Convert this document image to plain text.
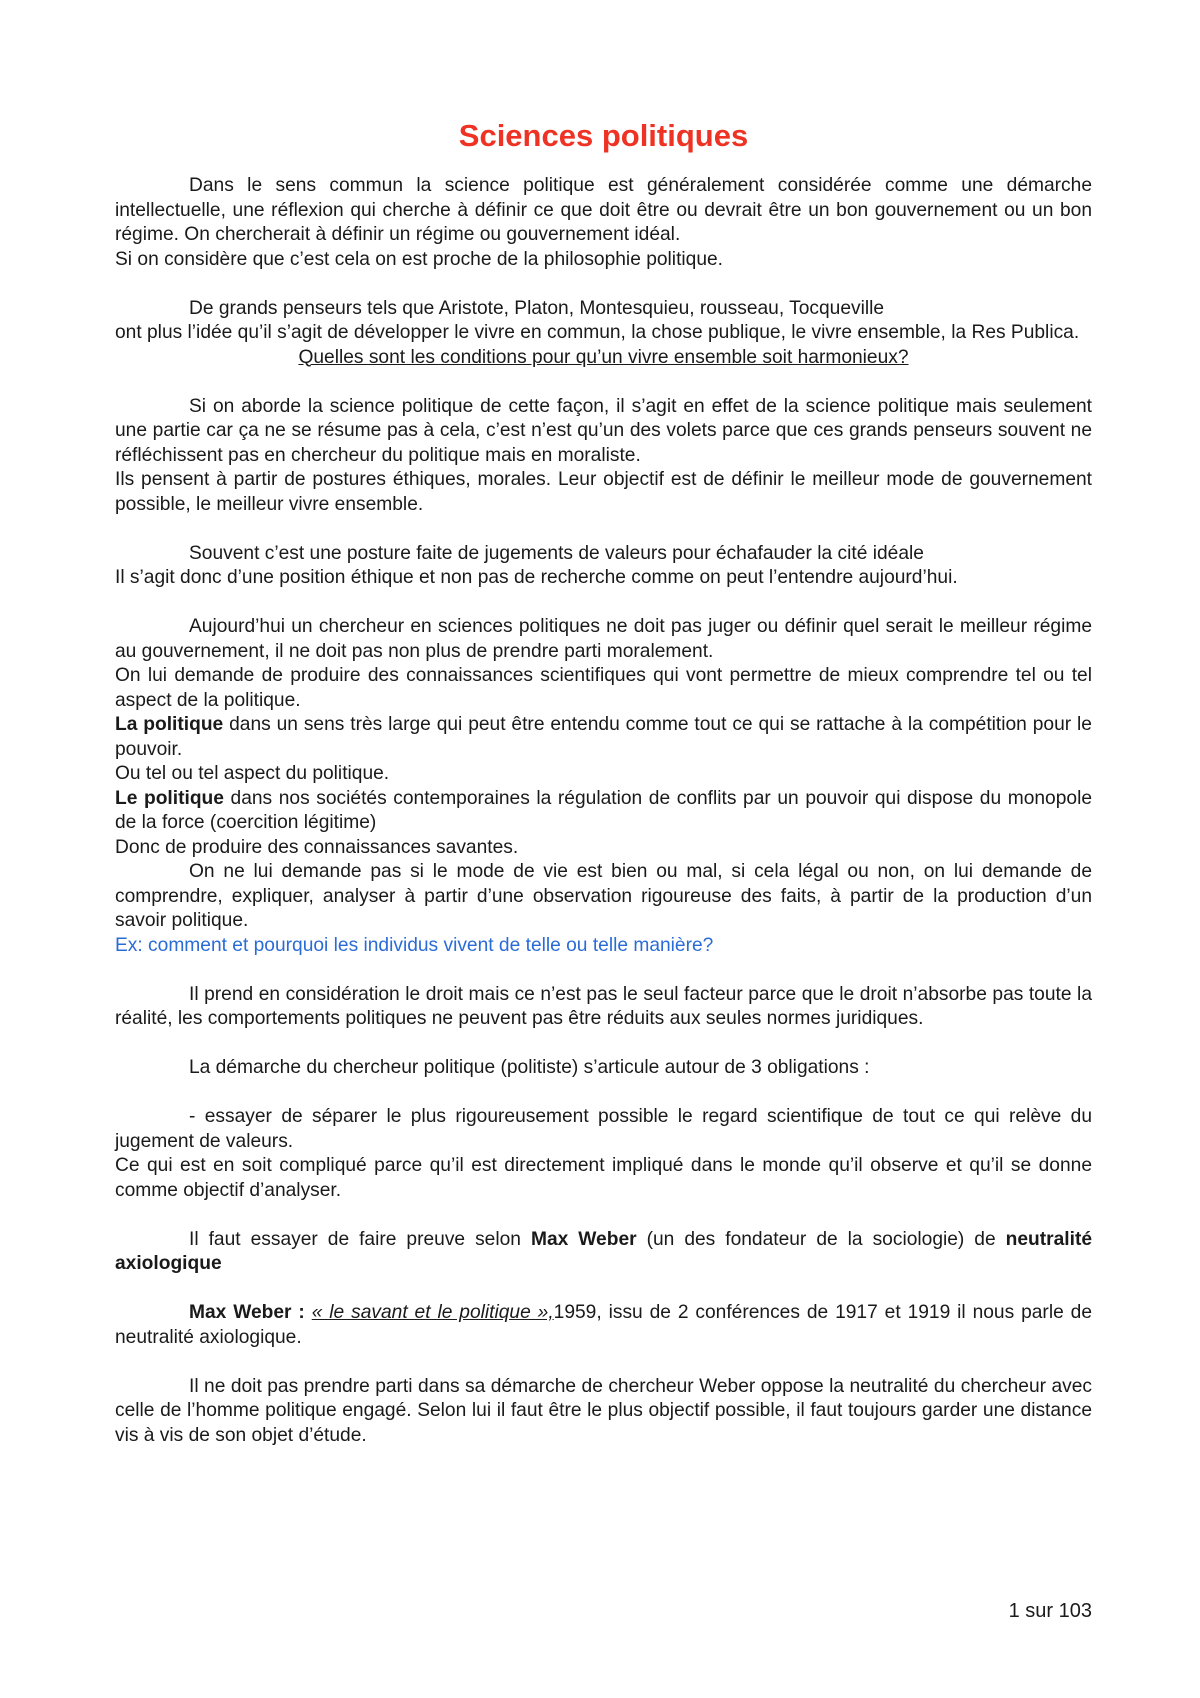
Sciences politiques

Dans le sens commun la science politique est généralement considérée comme une démarche intellectuelle, une réflexion qui cherche à définir ce que doit être ou devrait être un bon gouvernement ou un bon régime. On chercherait à définir un régime ou gouvernement idéal.

Si on considère que c’est cela on est proche de la philosophie politique.

De grands penseurs tels que Aristote, Platon, Montesquieu, rousseau, Tocqueville

ont plus l’idée qu’il s’agit de développer le vivre en commun, la chose publique, le vivre ensemble, la Res Publica.

Quelles sont les conditions pour qu’un vivre ensemble soit harmonieux?

Si on aborde la science politique de cette façon, il s’agit en effet de la science politique mais seulement une partie car ça ne se résume pas à cela, c’est n’est qu’un des volets parce que ces grands penseurs souvent ne réfléchissent pas en chercheur du politique mais en moraliste.

Ils pensent à partir de postures éthiques, morales. Leur objectif est de définir le meilleur mode de gouvernement possible, le meilleur vivre ensemble.

Souvent c’est une posture faite de jugements de valeurs pour échafauder la cité idéale

Il s’agit donc d’une position éthique et non pas de recherche comme on peut l’entendre aujourd’hui.

Aujourd’hui un chercheur en sciences politiques ne doit pas juger ou définir quel serait le meilleur régime au gouvernement, il ne doit pas non plus de prendre parti moralement.

On lui demande de produire des connaissances scientifiques qui vont permettre de mieux comprendre tel ou tel aspect de la politique.

La politique dans un sens très large qui peut être entendu comme tout ce qui se rattache à la compétition pour le pouvoir.

Ou tel ou tel aspect du politique.

Le politique dans nos sociétés contemporaines la régulation de conflits par un pouvoir qui dispose du monopole de la force (coercition légitime)

Donc de produire des connaissances savantes.

On ne lui demande pas si le mode de vie est bien ou mal, si cela légal ou non, on lui demande de comprendre, expliquer, analyser à partir d’une observation rigoureuse des faits, à partir de la production d’un savoir politique.

Ex: comment et pourquoi les individus vivent de telle ou telle manière?

Il prend en considération le droit mais ce n’est pas le seul facteur parce que le droit n’absorbe pas toute la réalité, les comportements politiques ne peuvent pas être réduits aux seules normes juridiques.

La démarche du chercheur politique (politiste) s’articule autour de 3 obligations :

- essayer de séparer le plus rigoureusement possible le regard scientifique de tout ce qui relève du jugement de valeurs.

Ce qui est en soit compliqué parce qu’il est directement impliqué dans le monde qu’il observe et qu’il se donne comme objectif d’analyser.

Il faut essayer de faire preuve selon Max Weber (un des fondateur de la sociologie) de neutralité axiologique

Max Weber : « le savant et le politique »,1959, issu de 2 conférences de 1917 et 1919 il nous parle de neutralité axiologique.

Il ne doit pas prendre parti dans sa démarche de chercheur Weber oppose la neutralité du chercheur avec celle de l’homme politique engagé. Selon lui il faut être le plus objectif possible, il faut toujours garder une distance vis à vis de son objet d’étude.

1 sur 103
